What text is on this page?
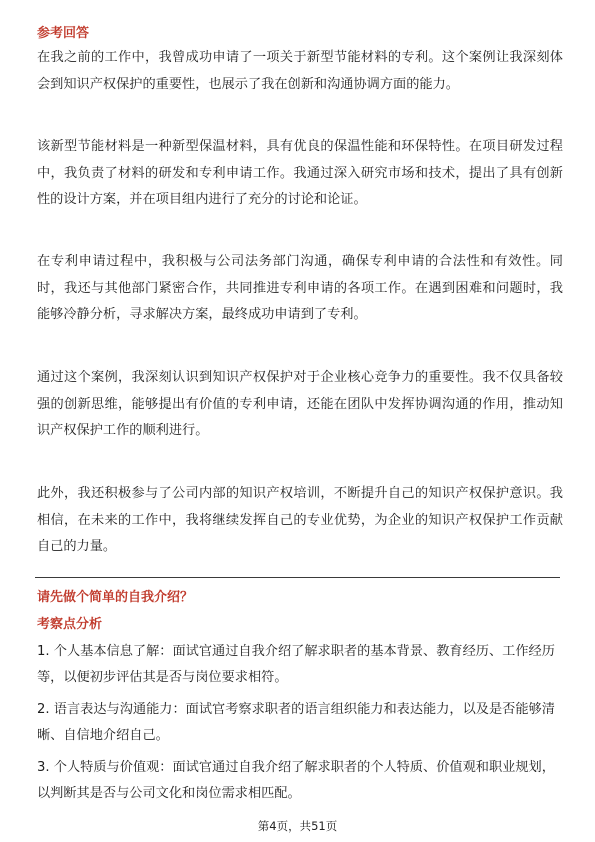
参考回答
在我之前的工作中，我曾成功申请了一项关于新型节能材料的专利。这个案例让我深刻体会到知识产权保护的重要性，也展示了我在创新和沟通协调方面的能力。
该新型节能材料是一种新型保温材料，具有优良的保温性能和环保特性。在项目研发过程中，我负责了材料的研发和专利申请工作。我通过深入研究市场和技术，提出了具有创新性的设计方案，并在项目组内进行了充分的讨论和论证。
在专利申请过程中，我积极与公司法务部门沟通，确保专利申请的合法性和有效性。同时，我还与其他部门紧密合作，共同推进专利申请的各项工作。在遇到困难和问题时，我能够冷静分析，寻求解决方案，最终成功申请到了专利。
通过这个案例，我深刻认识到知识产权保护对于企业核心竞争力的重要性。我不仅具备较强的创新思维，能够提出有价值的专利申请，还能在团队中发挥协调沟通的作用，推动知识产权保护工作的顺利进行。
此外，我还积极参与了公司内部的知识产权培训，不断提升自己的知识产权保护意识。我相信，在未来的工作中，我将继续发挥自己的专业优势，为企业的知识产权保护工作贡献自己的力量。
请先做个简单的自我介绍？
考察点分析
1. 个人基本信息了解：面试官通过自我介绍了解求职者的基本背景、教育经历、工作经历等，以便初步评估其是否与岗位要求相符。
2. 语言表达与沟通能力：面试官考察求职者的语言组织能力和表达能力，以及是否能够清晰、自信地介绍自己。
3. 个人特质与价值观：面试官通过自我介绍了解求职者的个人特质、价值观和职业规划，以判断其是否与公司文化和岗位需求相匹配。
第4页，共51页
